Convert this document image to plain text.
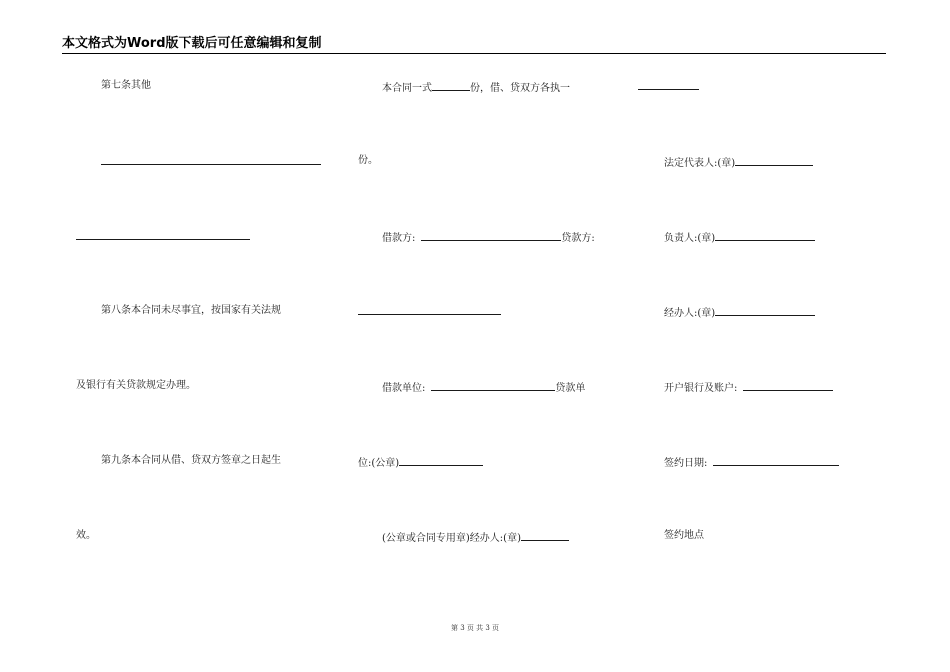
本文格式为Word版下载后可任意编辑和复制
第七条其他
第八条本合同未尽事宜，按国家有关法规
及银行有关贷款规定办理。
第九条本合同从借、贷双方签章之日起生
效。
本合同一式	份，借、贷双方各执一
份。
借款方:	贷款方:
借款单位:	贷款单
位:(公章)
(公章或合同专用章)经办人:(章)
法定代表人:(章)
负责人:(章)
经办人:(章)
开户银行及账户:
签约日期:
签约地点
第 3 页 共 3 页
